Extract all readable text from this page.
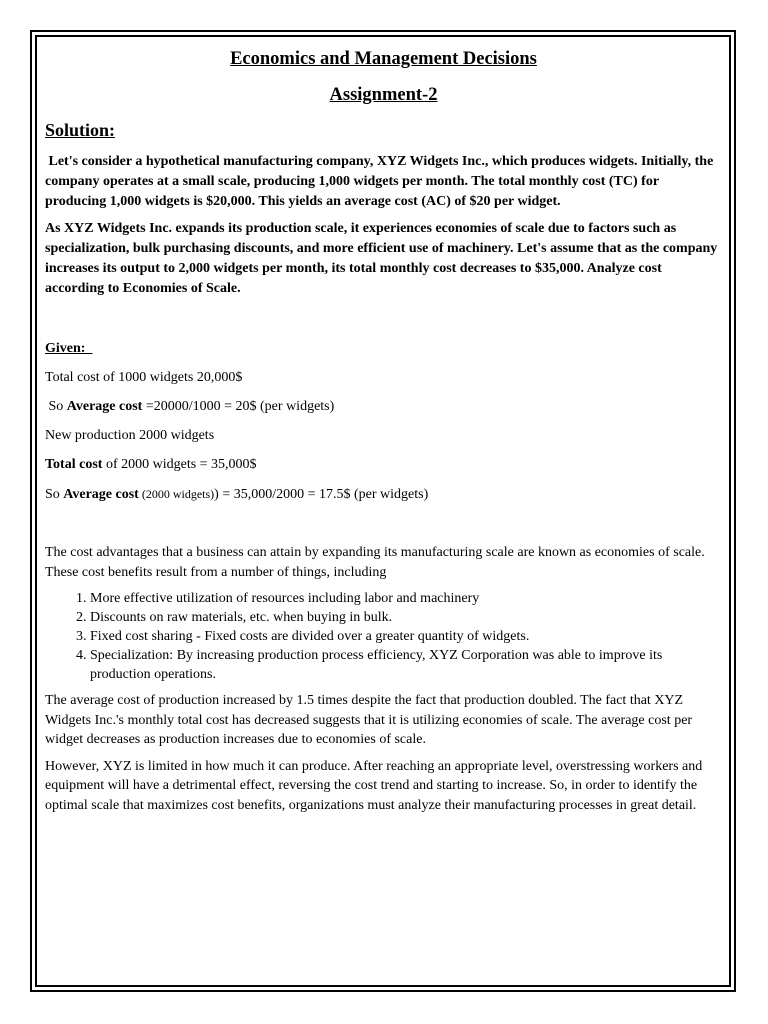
Economics and Management Decisions
Assignment-2
Solution:

Let's consider a hypothetical manufacturing company, XYZ Widgets Inc., which produces widgets. Initially, the company operates at a small scale, producing 1,000 widgets per month. The total monthly cost (TC) for producing 1,000 widgets is $20,000. This yields an average cost (AC) of $20 per widget.

As XYZ Widgets Inc. expands its production scale, it experiences economies of scale due to factors such as specialization, bulk purchasing discounts, and more efficient use of machinery. Let's assume that as the company increases its output to 2,000 widgets per month, its total monthly cost decreases to $35,000. Analyze cost according to Economies of Scale.

Given:
Total cost of 1000 widgets 20,000$
So Average cost =20000/1000 = 20$ (per widgets)
New production 2000 widgets
Total cost of 2000 widgets = 35,000$
So Average cost (2000 widgets)) = 35,000/2000 = 17.5$ (per widgets)

The cost advantages that a business can attain by expanding its manufacturing scale are known as economies of scale. These cost benefits result from a number of things, including

1. More effective utilization of resources including labor and machinery
2. Discounts on raw materials, etc. when buying in bulk.
3. Fixed cost sharing - Fixed costs are divided over a greater quantity of widgets.
4. Specialization: By increasing production process efficiency, XYZ Corporation was able to improve its production operations.

The average cost of production increased by 1.5 times despite the fact that production doubled. The fact that XYZ Widgets Inc.'s monthly total cost has decreased suggests that it is utilizing economies of scale. The average cost per widget decreases as production increases due to economies of scale.

However, XYZ is limited in how much it can produce. After reaching an appropriate level, overstressing workers and equipment will have a detrimental effect, reversing the cost trend and starting to increase. So, in order to identify the optimal scale that maximizes cost benefits, organizations must analyze their manufacturing processes in great detail.
